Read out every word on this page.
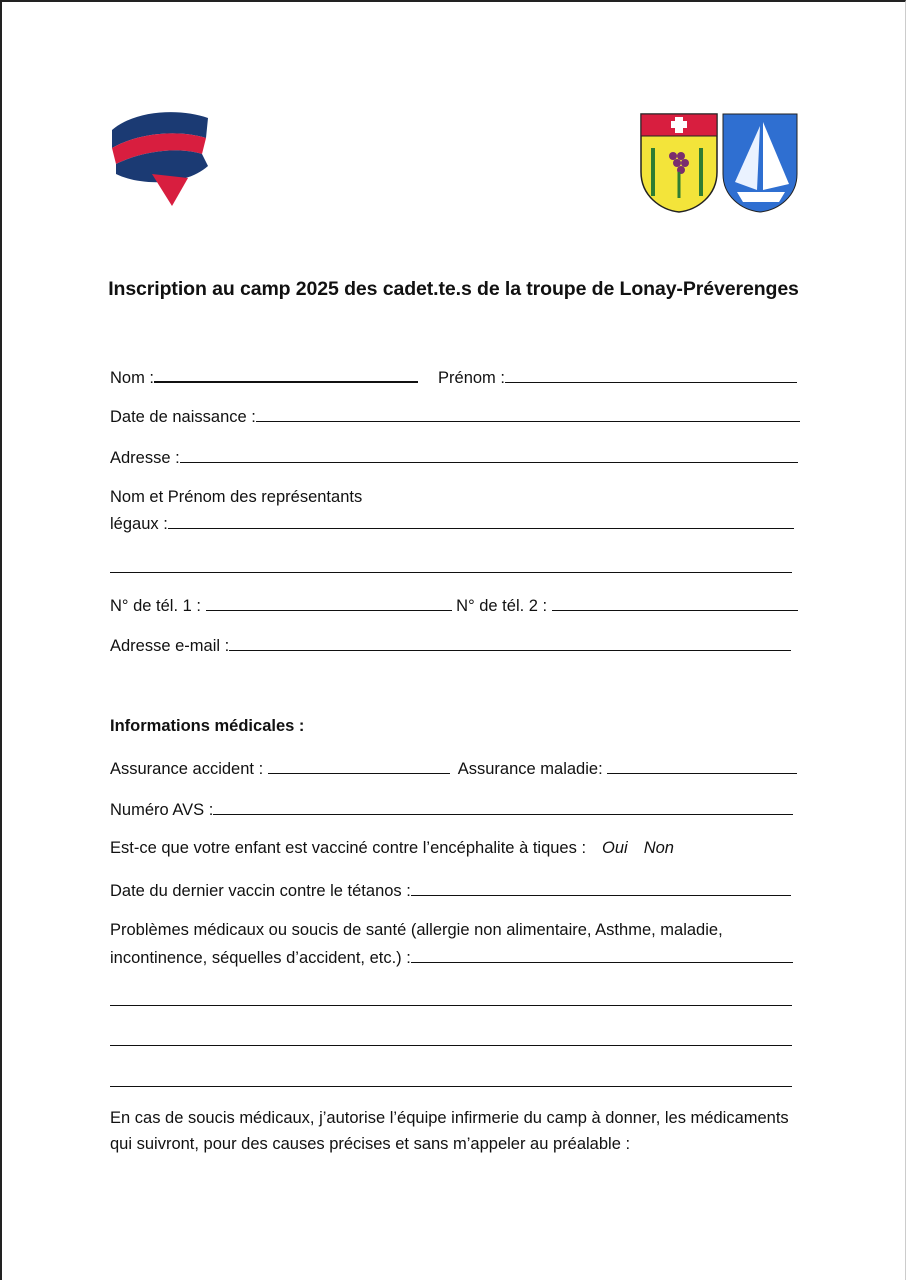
Inscription au camp 2025 des cadet.te.s de la troupe de Lonay-Préverenges
Nom :	Prénom :
Date de naissance :
Adresse :
Nom et Prénom des représentants
légaux :
N° de tél. 1 :	N° de tél. 2 :
Adresse e-mail :
Informations médicales :
Assurance accident :	Assurance maladie:
Numéro AVS :
Est-ce que votre enfant est vacciné contre l’encéphalite à tiques : Oui Non
Date du dernier vaccin contre le tétanos :
Problèmes médicaux ou soucis de santé (allergie non alimentaire, Asthme, maladie,
incontinence, séquelles d’accident, etc.) :
En cas de soucis médicaux, j’autorise l’équipe infirmerie du camp à donner, les médicaments
qui suivront, pour des causes précises et sans m’appeler au préalable :
